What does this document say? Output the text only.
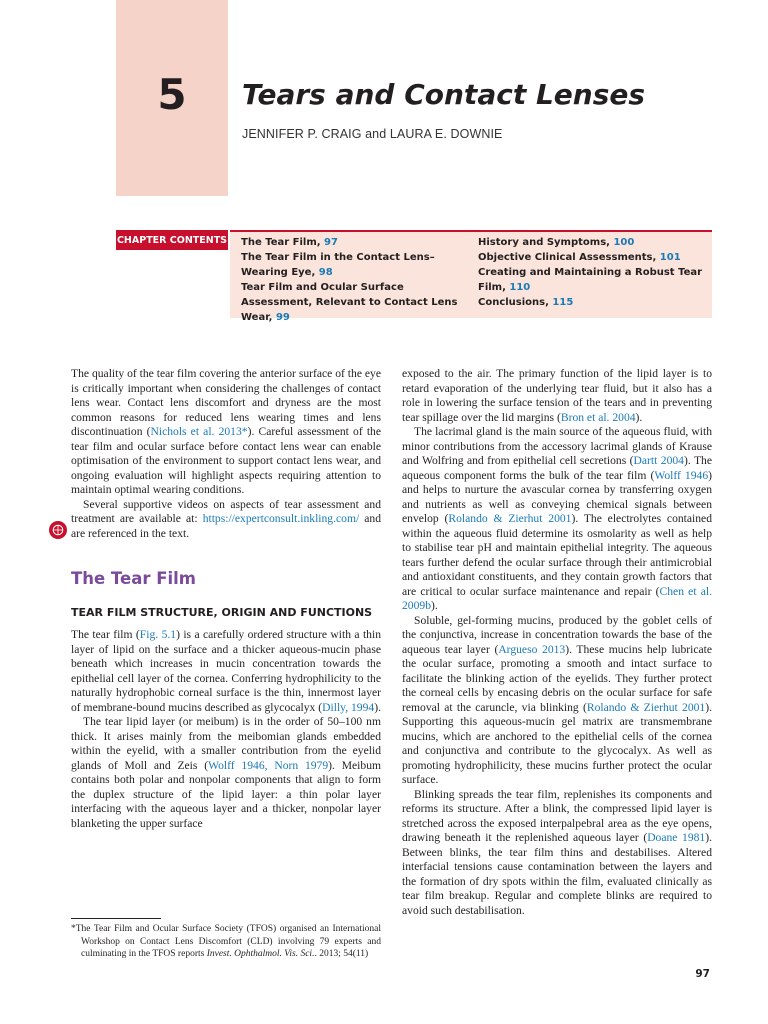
5	Tears and Contact Lenses
JENNIFER P. CRAIG and LAURA E. DOWNIE
CHAPTER CONTENTS The Tear Film, 97

The Tear Film in the Contact Lens–Wearing Eye, 98

Tear Film and Ocular Surface Assessment, Relevant to Contact Lens Wear, 99

History and Symptoms, 100

Objective Clinical Assessments, 101

Creating and Maintaining a Robust Tear Film, 110

Conclusions, 115

The quality of the tear film covering the anterior surface of the eye is critically important when considering the challenges of contact lens wear. Contact lens discomfort and dryness are the most common reasons for reduced lens wearing times and lens discontinuation (Nichols et al. 2013*). Careful assessment of the tear film and ocular surface before contact lens wear can enable optimisation of the environment to support contact lens wear, and ongoing evaluation will highlight aspects requiring attention to maintain optimal wearing conditions.

Several supportive videos on aspects of tear assessment and treatment are available at: https://expertconsult.inkling.com/ and are referenced in the text.

The Tear Film
TEAR FILM STRUCTURE, ORIGIN AND FUNCTIONS

The tear film (Fig. 5.1) is a carefully ordered structure with a thin layer of lipid on the surface and a thicker aqueous-mucin phase beneath which increases in mucin concentration towards the epithelial cell layer of the cornea. Conferring hydrophilicity to the naturally hydrophobic corneal surface is the thin, innermost layer of membrane-bound mucins described as glycocalyx (Dilly, 1994).

The tear lipid layer (or meibum) is in the order of 50–100 nm thick. It arises mainly from the meibomian glands embedded within the eyelid, with a smaller contribution from the eyelid glands of Moll and Zeis (Wolff 1946, Norn 1979). Meibum contains both polar and nonpolar components that align to form the duplex structure of the lipid layer: a thin polar layer interfacing with the aqueous layer and a thicker, nonpolar layer blanketing the upper surface

exposed to the air. The primary function of the lipid layer is to retard evaporation of the underlying tear fluid, but it also has a role in lowering the surface tension of the tears and in preventing tear spillage over the lid margins (Bron et al. 2004).

The lacrimal gland is the main source of the aqueous fluid, with minor contributions from the accessory lacrimal glands of Krause and Wolfring and from epithelial cell secretions (Dartt 2004). The aqueous component forms the bulk of the tear film (Wolff 1946) and helps to nurture the avascular cornea by transferring oxygen and nutrients as well as conveying chemical signals between envelop (Rolando & Zierhut 2001). The electrolytes contained within the aqueous fluid determine its osmolarity as well as help to stabilise tear pH and maintain epithelial integrity. The aqueous tears further defend the ocular surface through their antimicrobial and antioxidant constituents, and they contain growth factors that are critical to ocular surface maintenance and repair (Chen et al. 2009b).

Soluble, gel-forming mucins, produced by the goblet cells of the conjunctiva, increase in concentration towards the base of the aqueous tear layer (Argueso 2013). These mucins help lubricate the ocular surface, promoting a smooth and intact surface to facilitate the blinking action of the eyelids. They further protect the corneal cells by encasing debris on the ocular surface for safe removal at the caruncle, via blinking (Rolando & Zierhut 2001). Supporting this aqueous-mucin gel matrix are transmembrane mucins, which are anchored to the epithelial cells of the cornea and conjunctiva and contribute to the glycocalyx. As well as promoting hydrophilicity, these mucins further protect the ocular surface.

Blinking spreads the tear film, replenishes its components and reforms its structure. After a blink, the compressed lipid layer is stretched across the exposed interpalpebral area as the eye opens, drawing beneath it the replenished aqueous layer (Doane 1981). Between blinks, the tear film thins and destabilises. Altered interfacial tensions cause contamination between the layers and the formation of dry spots within the film, evaluated clinically as tear film breakup. Regular and complete blinks are required to avoid such destabilisation.

*The Tear Film and Ocular Surface Society (TFOS) organised an International Workshop on Contact Lens Discomfort (CLD) involving 79 experts and culminating in the TFOS reports Invest. Ophthalmol. Vis. Sci.. 2013; 54(11)

97
